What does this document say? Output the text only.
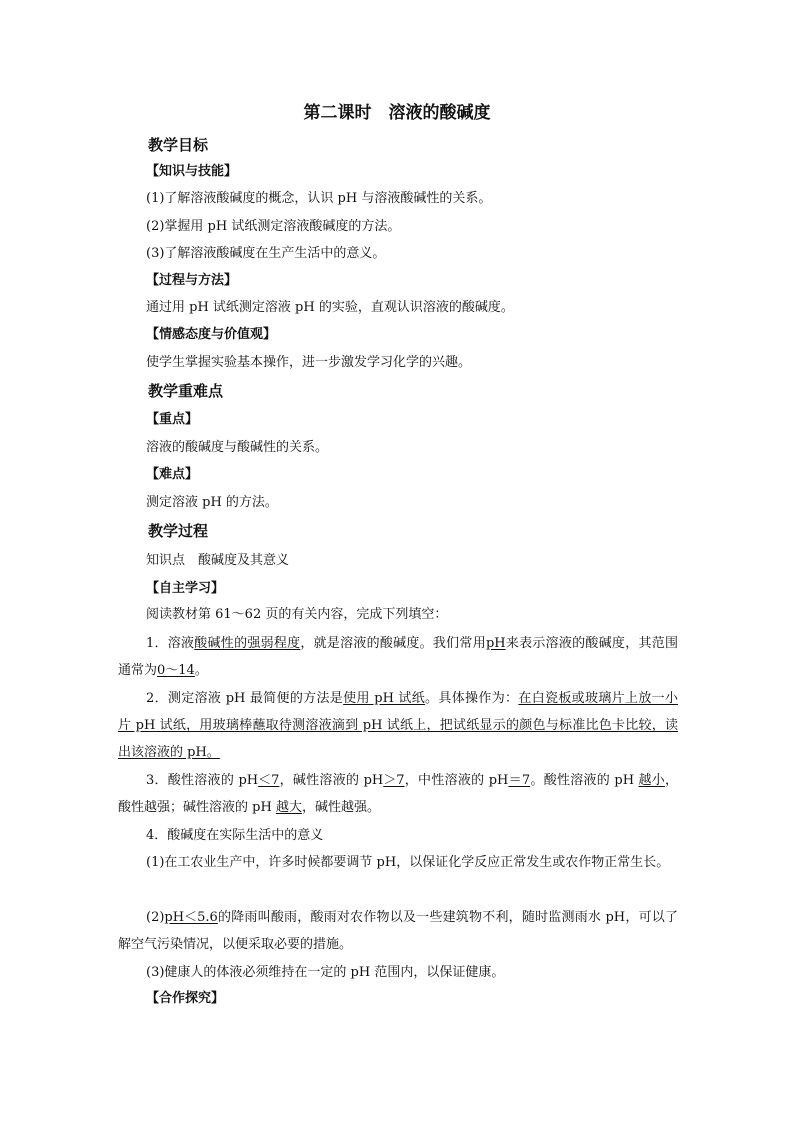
第二课时　溶液的酸碱度
教学目标
【知识与技能】
(1)了解溶液酸碱度的概念，认识 pH 与溶液酸碱性的关系。
(2)掌握用 pH 试纸测定溶液酸碱度的方法。
(3)了解溶液酸碱度在生产生活中的意义。
【过程与方法】
通过用 pH 试纸测定溶液 pH 的实验，直观认识溶液的酸碱度。
【情感态度与价值观】
使学生掌握实验基本操作，进一步激发学习化学的兴趣。
教学重难点
【重点】
溶液的酸碱度与酸碱性的关系。
【难点】
测定溶液 pH 的方法。
教学过程
知识点　酸碱度及其意义
【自主学习】
阅读教材第 61～62 页的有关内容，完成下列填空：
1．溶液酸碱性的强弱程度，就是溶液的酸碱度。我们常用pH来表示溶液的酸碱度，其范围通常为0～14。
2．测定溶液 pH 最简便的方法是使用 pH 试纸。具体操作为：在白瓷板或玻璃片上放一小片 pH 试纸，用玻璃棒蘸取待测溶液滴到 pH 试纸上，把试纸显示的颜色与标准比色卡比较，读出该溶液的 pH。
3．酸性溶液的 pH＜7，碱性溶液的 pH＞7，中性溶液的 pH＝7。酸性溶液的 pH 越小，酸性越强；碱性溶液的 pH 越大，碱性越强。
4．酸碱度在实际生活中的意义
(1)在工农业生产中，许多时候都要调节 pH，以保证化学反应正常发生或农作物正常生长。
(2)pH＜5.6的降雨叫酸雨，酸雨对农作物以及一些建筑物不利，随时监测雨水 pH，可以了解空气污染情况，以便采取必要的措施。
(3)健康人的体液必须维持在一定的 pH 范围内，以保证健康。
【合作探究】
